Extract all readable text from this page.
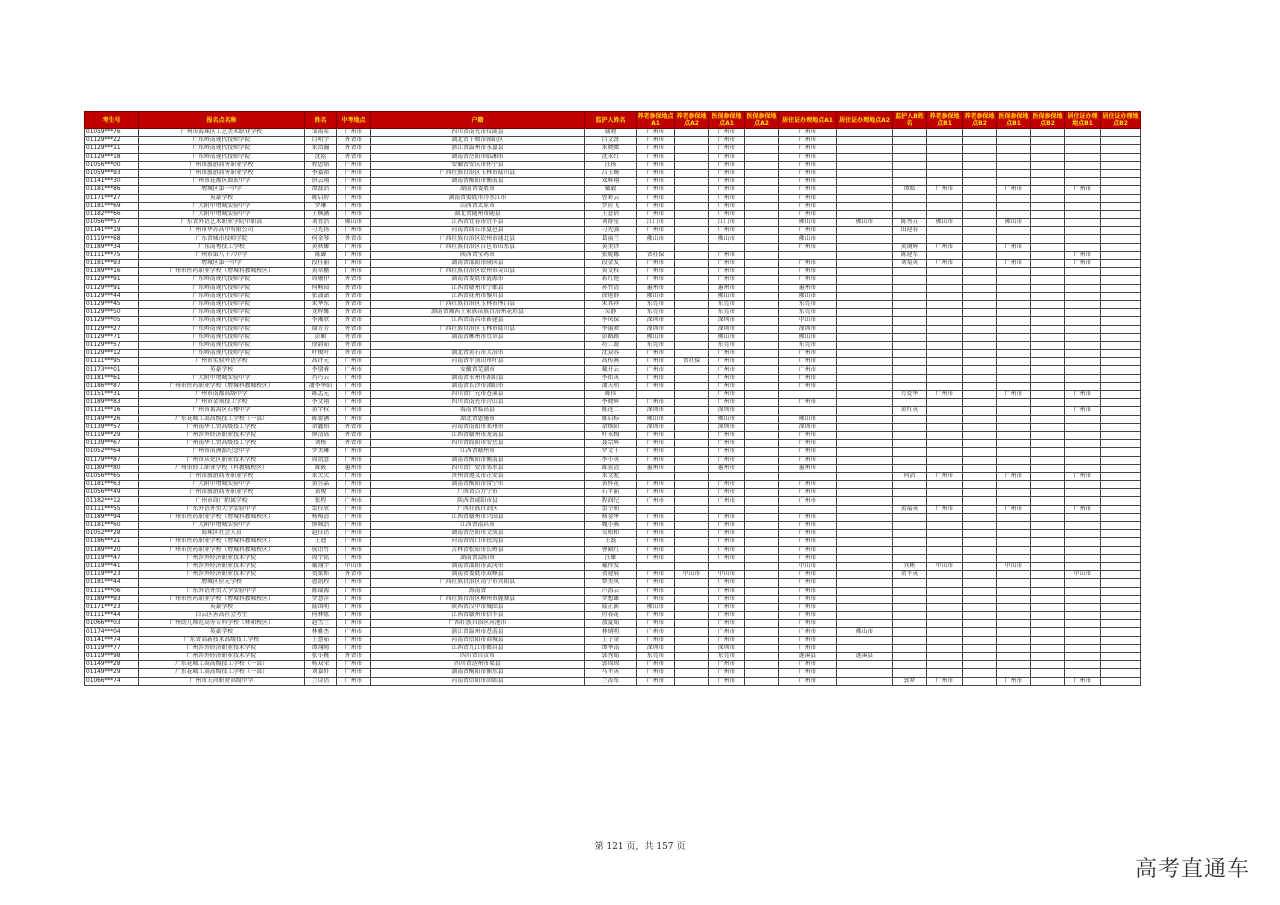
考生号	报名点名称	姓名	中考地点	户籍	监护人姓名	养老参保地点A1	养老参保地点A2	医保参保地点A1	医保参保地点A2	居住证办理地点A1	居住证办理地点A2	监护人B姓名	养老参保地点B1	养老参保地点B2	医保参保地点B1	医保参保地点B2	居住证办理地点B1	居住证办理地点B2
01059***76	广州市海珠区工艺美术职业学校	邹雨希	广州市	四川省南充市仪陇县	谢晓	广州市		广州市		广州市								
01129***22	广东岭南现代技师学院	白明宇	外省市	湖北省十堰市郧阳区	白文贤	广州市		广州市		广州市								
01129***11	广东岭南现代技师学院	朱浩瀚	外省市	浙江省温州市永嘉县	朱晓微	广州市		广州市		广州市								
01129***18	广东岭南现代技师学院	沈铭	外省市	湖南省岳阳市临湘市	沈永红	广州市		广州市		广州市								
01056***00	广州市旅游商务职业学校	程思韬	广州市	安徽省安庆市怀宁县	汪扬	广州市		广州市		广州市								
01059***93	广州市旅游商务职业学校	李嘉裕	广州市	广西壮族自治区玉林市陆川县	吕玉婉	广州市		广州市		广州市								
01141***30	广州市花都区圆玄中学	唐云翔	广州市	湖南省衡阳市衡南县	邓辉翔	广州市		广州市		广州市								
01181***86	增城区第一中学	谭磊浩	广州市	湖南省娄底市	戴毅	广州市		广州市		广州市		谭皓	广州市		广州市		广州市	
01171***27	英豪学校	陈启婷	广州市	湖南省娄底市冷水江市	曾彩云	广州市		广州市		广州市								
01181***69	广大附中增城实验中学	罗琳	广州市	山西省太原市	罗应飞	广州市		广州市		广州市								
01182***66	广大附中增城实验中学	王枫涵	广州市	湖北省随州市随县	王意倩	广州市		广州市		广州市								
01056***57	广东省外语艺术职业学院中职部	刘普浩	佛山市	江西省宜春市宜丰县	刘群星	江门市		江门市		佛山市	佛山市	陈秀芬	佛山市		佛山市			
01141***19	广州市华苏高中有限公司	刁光扬	广州市	河南省商丘市夏邑县	刁先强	广州市		广州市		广州市		田迎春						
01119***68	广东省城市技师学院	何金琴	外省市	广西壮族自治区钦州市浦北县	葛丽兰	佛山市		佛山市		佛山市								
01189***34	广东南粤技工学校	黄秋耀	广州市	广西壮族自治区百色市田东县	黄美钞					广州市		黄钢辉	广州市		广州市			
01111***75	广州市第八十六中学	陈御	广州市	陕西省宝鸡市	张妮娜	省社保		广州市				陈建军					广州市	
01181***93	增城区第一中学	段佳丽	广州市	湖南省邵阳市隆回县	段金友	广州市		广州市		广州市		刘菊英	广州市		广州市		广州市	
01189***16	广州市医药职业学校（增城科教城校区）	黄章鹏	广州市	广西壮族自治区钦州市灵山县	黄文权	广州市		广州市		广州市								
01129***91	广东岭南现代技师学院	周珊伊	外省市	湖南省娄底市涟源市	蒋红艳	广州市		广州市		广州市								
01129***91	广东岭南现代技师学院	何畅园	外省市	江西省赣州市宁都县	孙竹清	惠州市		惠州市		惠州市								
01129***44	广东岭南现代技师学院	张潇潇	外省市	江西省抚州市黎川县	徐艳群	佛山市		佛山市		佛山市								
01129***45	广东岭南现代技师学院	朱华东	外省市	广西壮族自治区玉林市博白县	朱其祥	东莞市		东莞市		东莞市								
01129***50	广东岭南现代技师学院	龙梓馨	外省市	湖南省湘西土家族苗族自治州花垣县	吴静	东莞市		东莞市		东莞市								
01129***05	广东岭南现代技师学院	李湘欣	外省市	江西省南昌市新建县	李凤保	深圳市		深圳市		中山市								
01129***27	广东岭南现代技师学院	谢芳芳	外省市	广西壮族自治区玉林市陆川县	李丽欢	深圳市		深圳市		深圳市								
01129***71	广东岭南现代技师学院	彭頔	外省市	湖南省郴州市宜章县	彭路路	佛山市		佛山市		佛山市								
01129***57	广东岭南现代技师学院	徐韵茹	外省市		符二波	东莞市		东莞市		东莞市								
01129***12	广东岭南现代技师学院	叶俊叶	外省市	湖北省黄石市大冶市	沈双容	广州市		广州市		广州市								
01111***95	广州市实验外语学校	高许元	广州市	河南省平顶山市叶县	高传燕	广州市	省社保	广州市		广州市								
01173***01	英豪学校	李朋睿	广州市	安徽省芜湖市	戴开云	广州市		广州市		广州市								
01181***61	广大附中增城实验中学	肖巧云	广州市	湖南省永州市祁阳县	李佑英	广州市		广州市		广州市								
01186***87	广州市医药职业学校（增城科教城校区）	潘李华阳	广州市	湖南省长沙市浏阳市	潘天明	广州市		广州市		广州市								
01151***31	广州市南都高级中学	陈孟元	广州市	四川省广元市苍溪县	陈伟			广州市				方爱华	广州市		广州市		广州市	
01189***83	广州市金领技工学校	李文翔	广州市	四川省南充市营山县	李晓辉	广州市		广州市		广州市								
01131***16	广州市番禺区石楼中学	黄宇权	广州市	海南省临高县	陈连二	深圳市		深圳市				黄红英					广州市	
01149***26	广东花城工商高级技工学校（一部）	陈姿涵	广州市	湖北省恩施市	陈启标	佛山市		佛山市		佛山市								
01139***57	广州南华工贸高级技工学校	余鑫怡	外省市	河南省南阳市邓州市	余焕阳	深圳市		深圳市		深圳市								
01119***29	广州涉外经济职业技术学院	廖清瑶	外省市	江西省赣州市龙南县	叶永梅	广州市		广州市		广州市								
01139***67	广州南华工贸高级技工学校	刘栋	外省市	四川省简阳市安岳县	聂宗辉	广州市		广州市		广州市								
01052***64	广州市南洲派纪念中学	罗美琳	广州市	江西省赣州市	罗文干	广州市		广州市		广州市								
01179***87	广州市从化区职业技术学校	周凯慧	广州市	湖南省衡阳市衡南县	李小英	广州市		广州市		广州市								
01189***80	广州市轻工职业学校（科教城校区）	陈筱	惠州市	四川省广安市邻水县	陈寅清	惠州市		惠州市		惠州市								
01056***65	广州市旅游商务职业学校	朱欠欠	广州市	贵州省遵义市正安县	朱文驼							何滔	广州市		广州市		广州市	
01181***63	广大附中增城实验中学	黄昱晶	广州市	湖南省衡阳市常宁市	黄怀花	广州市		广州市		广州市								
01056***49	广州市旅游商务职业学校	黄俊	广州市	广西省百方宁市	石平丽	广州市		广州市		广州市								
01182***12	广州市商广附属学校	张程	广州市	陕西省咸阳市县	程润纪	广州市		广州市		广州市								
01111***55	广东外语外贸大学实验中学	雷佳欣	广州市	广西壮族自治区	雷仝朝							黄福英	广州市		广州市		广州市	
01189***94	广州市医药职业学校（增城科教城校区）	杨梅清	广州市	江西省赣州市兴国县	杨金华	广州市		广州市		广州市								
01181***60	广大附中增城实验中学	廖城浩	广州市	江西省南昌市	魏小燕	广州市		广州市		广州市								
01052***28	海珠区社会人员	赵佳语	广州市	湖南省岳阳市文成县	吴梧梧	广州市		广州市		广州市								
01186***21	广州市医药职业学校（增城科教城校区）	王迪	广州市	河南省周口市扶沟县	王磊	广州市		广州市		广州市								
01189***20	广州市医药职业学校（增城科教城校区）	侯语竹	广州市	吉林省松原市长岭县	曹殿红	广州市		广州市		广州市								
01119***47	广州涉外经济职业技术学院	周宇铭	广州市	湖南省益阳市	汪雄	广州市		广州市		广州市								
01119***41	广州涉外经济职业技术学院	戴翊宇	中山市	湖南省邵阳市武冈市	戴作发					中山市		宾彬	中山市		中山市			
01119***23	广州涉外经济职业技术学院	贺梁斯	外省市	湖南省娄底市双峰县	贺建展	广州市	中山市	中山市		广州市		贺平英					中山市	
01181***44	增城区应元学校	恩凯程	广州市	广西壮族自治区南宁市宾阳县	覃美凤	广州市		广州市		广州市								
01111***06	广东外语外贸大学实验中学	陈瑞源	广州市	海南省	卢海云	广州市		广州市		广州市								
01189***93	广州市医药职业学校（增城科教城校区）	罗慧萍	广州市	广西壮族自治区柳州市鹿寨县	罗想雄	广州市		广州市		广州市								
01171***23	英豪学校	陆国明	广州市	陕西省汉中市城固县	陆正新	佛山市		广州市		广州市								
01111***44	白云区善高社会考生	何林炫	广州市	江西省赣州市信丰县	付春花	广州市		广州市		广州市								
01066***03	广州幼儿师范高等专科学校（林和校区）	赵雪兰	广州市	广西壮族自治区河池市	敖夏娟	广州市		广州市		广州市								
01174***04	英豪学校	林雅杰	广州市	浙江省温州市苍南县	林炳明	广州市		广州市		广州市	佛山市							
01141***74	广东省高新技术高级技工学校	王慧茹	广州市	河南省信阳市商城县	王子金	广州市		广州市		广州市								
01119***77	广州涉外经济职业技术学院	谭翊陶	广州市	江西省九江市都昌县	谭华南	深圳市		深圳市		广州市								
01119***98	广州涉外经济职业技术学院	张小桃	外省市	四川省自贡市	郭秀娟	东莞市		东莞市		遂溪县	遂溪县							
01149***28	广东花城工商高级技工学校（一部）	杨双荣	广州市	四川省达州市渠县	郭周琼	广州市		广州市		广州市								
01149***29	广东花城工商高级技工学校（一部）	刘嘉轩	广州市	湖南省衡阳市衡东县	马平英	广州市		广州市		广州市								
01066***74	广州市天河职业高级中学	兰诗语	广州市	河南省信阳市固始县	兰涛东	广州市		广州市		广州市		郭梦	广州市		广州市		广州市	
第 121 页，共 157 页
高考直通车
